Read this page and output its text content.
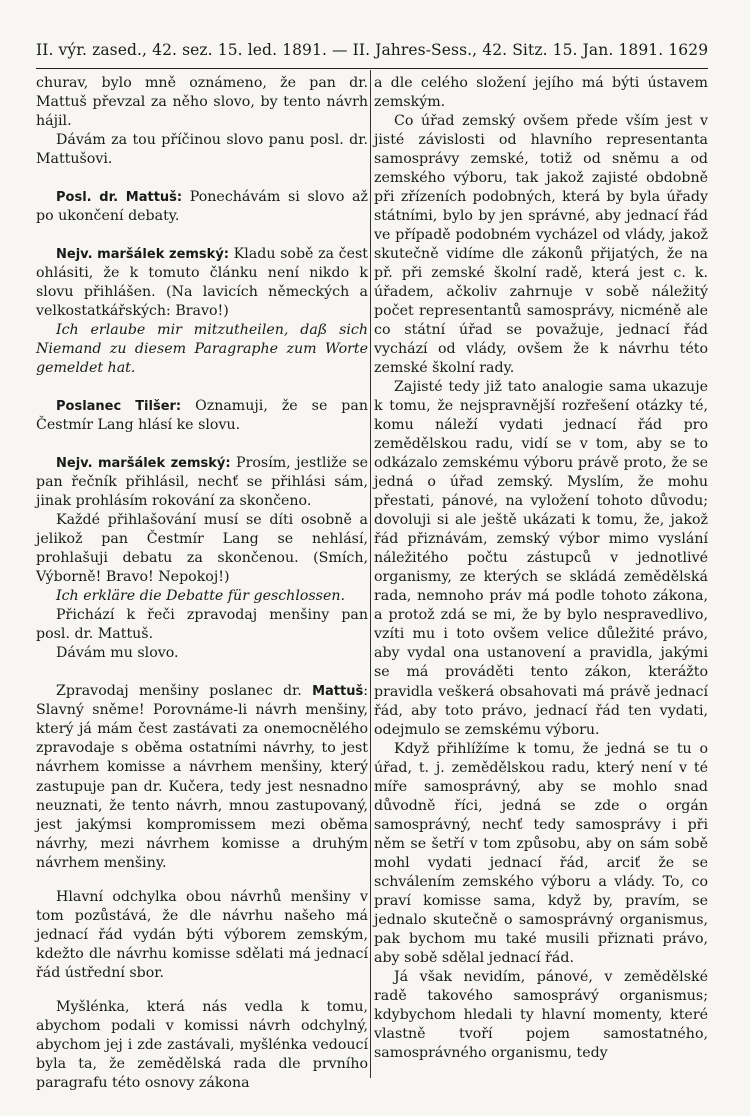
II. výr. zased., 42. sez. 15. led. 1891. — II. Jahres-Sess., 42. Sitz. 15. Jan. 1891. 1629

churav, bylo mně oznámeno, že pan dr. Mattuš převzal za něho slovo, by tento návrh hájil.

Dávám za tou příčinou slovo panu posl. dr. Mattušovi.

Posl. dr. Mattuš: Ponechávám si slovo až po ukončení debaty.

Nejv. maršálek zemský: Kladu sobě za čest ohlásiti, že k tomuto článku není nikdo k slovu přihlášen. (Na lavicích německých a velkostatkářských: Bravo!)

Ich erlaube mir mitzutheilen, daß sich Niemand zu diesem Paragraphe zum Worte gemeldet hat.

Poslanec Tilšer: Oznamuji, že se pan Čestmír Lang hlásí ke slovu.

Nejv. maršálek zemský: Prosím, jestliže se pan řečník přihlásil, nechť se přihlási sám, jinak prohlásím rokování za skončeno.

Každé přihlašování musí se díti osobně a jelikož pan Čestmír Lang se nehlásí, prohlašuji debatu za skončenou. (Smích, Výborně! Bravo! Nepokoj!)

Ich erkläre die Debatte für geschlossen.

Přichází k řeči zpravodaj menšiny pan posl. dr. Mattuš.

Dávám mu slovo.

Zpravodaj menšiny poslanec dr. Mattuš: Slavný sněme! Porovnáme-li návrh menšiny, který já mám čest zastávati za onemocnělého zpravodaje s oběma ostatními návrhy, to jest návrhem komisse a návrhem menšiny, který zastupuje pan dr. Kučera, tedy jest nesnadno neuznati, že tento návrh, mnou zastupovaný, jest jakýmsi kompromissem mezi oběma návrhy, mezi návrhem komisse a druhým návrhem menšiny.

Hlavní odchylka obou návrhů menšiny v tom pozůstává, že dle návrhu našeho má jednací řád vydán býti výborem zemským, kdežto dle návrhu komisse sdělati má jednací řád ústřední sbor.

Myšlénka, která nás vedla k tomu, abychom podali v komissi návrh odchylný, abychom jej i zde zastávali, myšlénka vedoucí byla ta, že zemědělská rada dle prvního paragrafu této osnovy zákona

a dle celého složení jejího má býti ústavem zemským.

Co úřad zemský ovšem přede vším jest v jisté závislosti od hlavního representanta samosprávy zemské, totiž od sněmu a od zemského výboru, tak jakož zajisté obdobně při zřízeních podobných, která by byla úřady státními, bylo by jen správné, aby jednací řád ve případě podobném vycházel od vlády, jakož skutečně vidíme dle zákonů přijatých, že na př. při zemské školní radě, která jest c. k. úřadem, ačkoliv zahrnuje v sobě náležitý počet representantů samosprávy, nicméně ale co státní úřad se považuje, jednací řád vychází od vlády, ovšem že k návrhu této zemské školní rady.

Zajisté tedy již tato analogie sama ukazuje k tomu, že nejspravnější rozřešení otázky té, komu náleží vydati jednací řád pro zemědělskou radu, vidí se v tom, aby se to odkázalo zemskému výboru právě proto, že se jedná o úřad zemský. Myslím, že mohu přestati, pánové, na vyložení tohoto důvodu; dovoluji si ale ještě ukázati k tomu, že, jakož řád přiznávám, zemský výbor mimo vyslání náležitého počtu zástupců v jednotlivé organismy, ze kterých se skládá zemědělská rada, nemnoho práv má podle tohoto zákona, a protož zdá se mi, že by bylo nespravedlivo, vzíti mu i toto ovšem velice důležité právo, aby vydal ona ustanovení a pravidla, jakými se má prováděti tento zákon, kterážto pravidla veškerá obsahovati má právě jednací řád, aby toto právo, jednací řád ten vydati, odejmulo se zemskému výboru.

Když přihlížíme k tomu, že jedná se tu o úřad, t. j. zemědělskou radu, který není v té míře samosprávný, aby se mohlo snad důvodně říci, jedná se zde o orgán samosprávný, nechť tedy samosprávy i při něm se šetří v tom způsobu, aby on sám sobě mohl vydati jednací řád, arciť že se schválením zemského výboru a vlády. To, co praví komisse sama, když by, pravím, se jednalo skutečně o samosprávný organismus, pak bychom mu také musili přiznati právo, aby sobě sdělal jednací řád.

Já však nevidím, pánové, v zemědělské radě takového samosprávý organismus; kdybychom hledali ty hlavní momenty, které vlastně tvoří pojem samostatného, samosprávného organismu, tedy
